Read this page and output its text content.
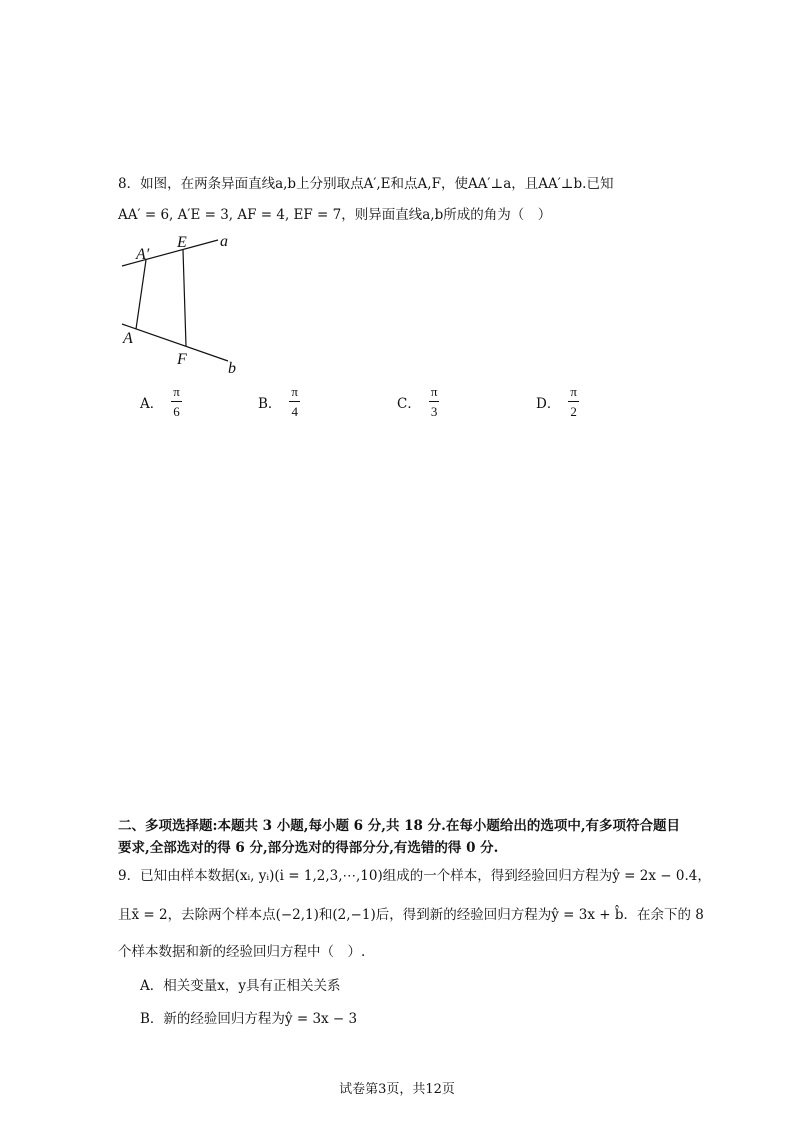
8．如图，在两条异面直线a,b上分别取点A′,E和点A,F，使AA′⊥a，且AA′⊥b.已知
AA′ = 6, A′E = 3, AF = 4, EF = 7，则异面直线a,b所成的角为（　）
A′
E a
A
F
b
A． $\frac{\pi}{6}$	B． $\frac{\pi}{4}$	C． $\frac{\pi}{3}$	D． $\frac{\pi}{2}$
二、多项选择题:本题共 3 小题,每小题 6 分,共 18 分.在每小题给出的选项中,有多项符合题目
要求,全部选对的得 6 分,部分选对的得部分分,有选错的得 0 分.
9．已知由样本数据(xᵢ, yᵢ)(i = 1,2,3,⋯,10)组成的一个样本，得到经验回归方程为ŷ = 2x − 0.4，
且x̄ = 2，去除两个样本点(−2,1)和(2,−1)后，得到新的经验回归方程为ŷ = 3x + b̂．在余下的 8
个样本数据和新的经验回归方程中（　）.
A．相关变量x，y具有正相关关系
B．新的经验回归方程为ŷ = 3x − 3
试卷第3页，共12页
